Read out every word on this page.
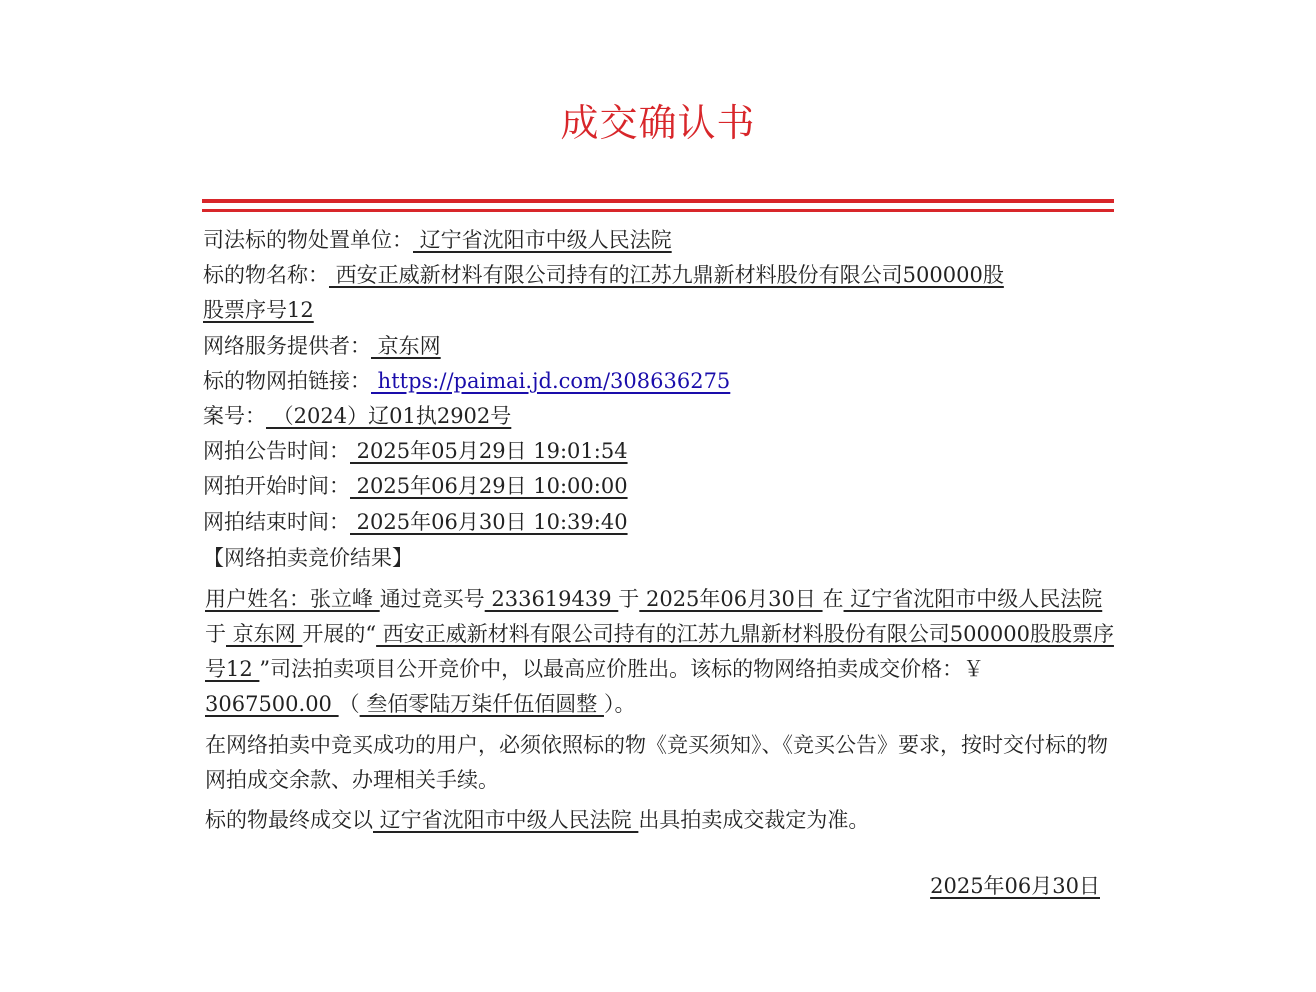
成交确认书
司法标的物处置单位： 辽宁省沈阳市中级人民法院
标的物名称： 西安正威新材料有限公司持有的江苏九鼎新材料股份有限公司500000股
股票序号12
网络服务提供者： 京东网
标的物网拍链接： https://paimai.jd.com/308636275
案号： （2024）辽01执2902号
网拍公告时间： 2025年05月29日 19:01:54
网拍开始时间： 2025年06月29日 10:00:00
网拍结束时间： 2025年06月30日 10:39:40
【网络拍卖竞价结果】
用户姓名：张立峰 通过竞买号 233619439 于 2025年06月30日 在 辽宁省沈阳市中级人民法院 于 京东网 开展的“ 西安正威新材料有限公司持有的江苏九鼎新材料股份有限公司500000股股票序号12 ”司法拍卖项目公开竞价中，以最高应价胜出。该标的物网络拍卖成交价格：￥ 3067500.00 （ 叁佰零陆万柒仟伍佰圆整 ）。
在网络拍卖中竞买成功的用户，必须依照标的物《竞买须知》、《竞买公告》要求，按时交付标的物网拍成交余款、办理相关手续。
标的物最终成交以 辽宁省沈阳市中级人民法院 出具拍卖成交裁定为准。
2025年06月30日
